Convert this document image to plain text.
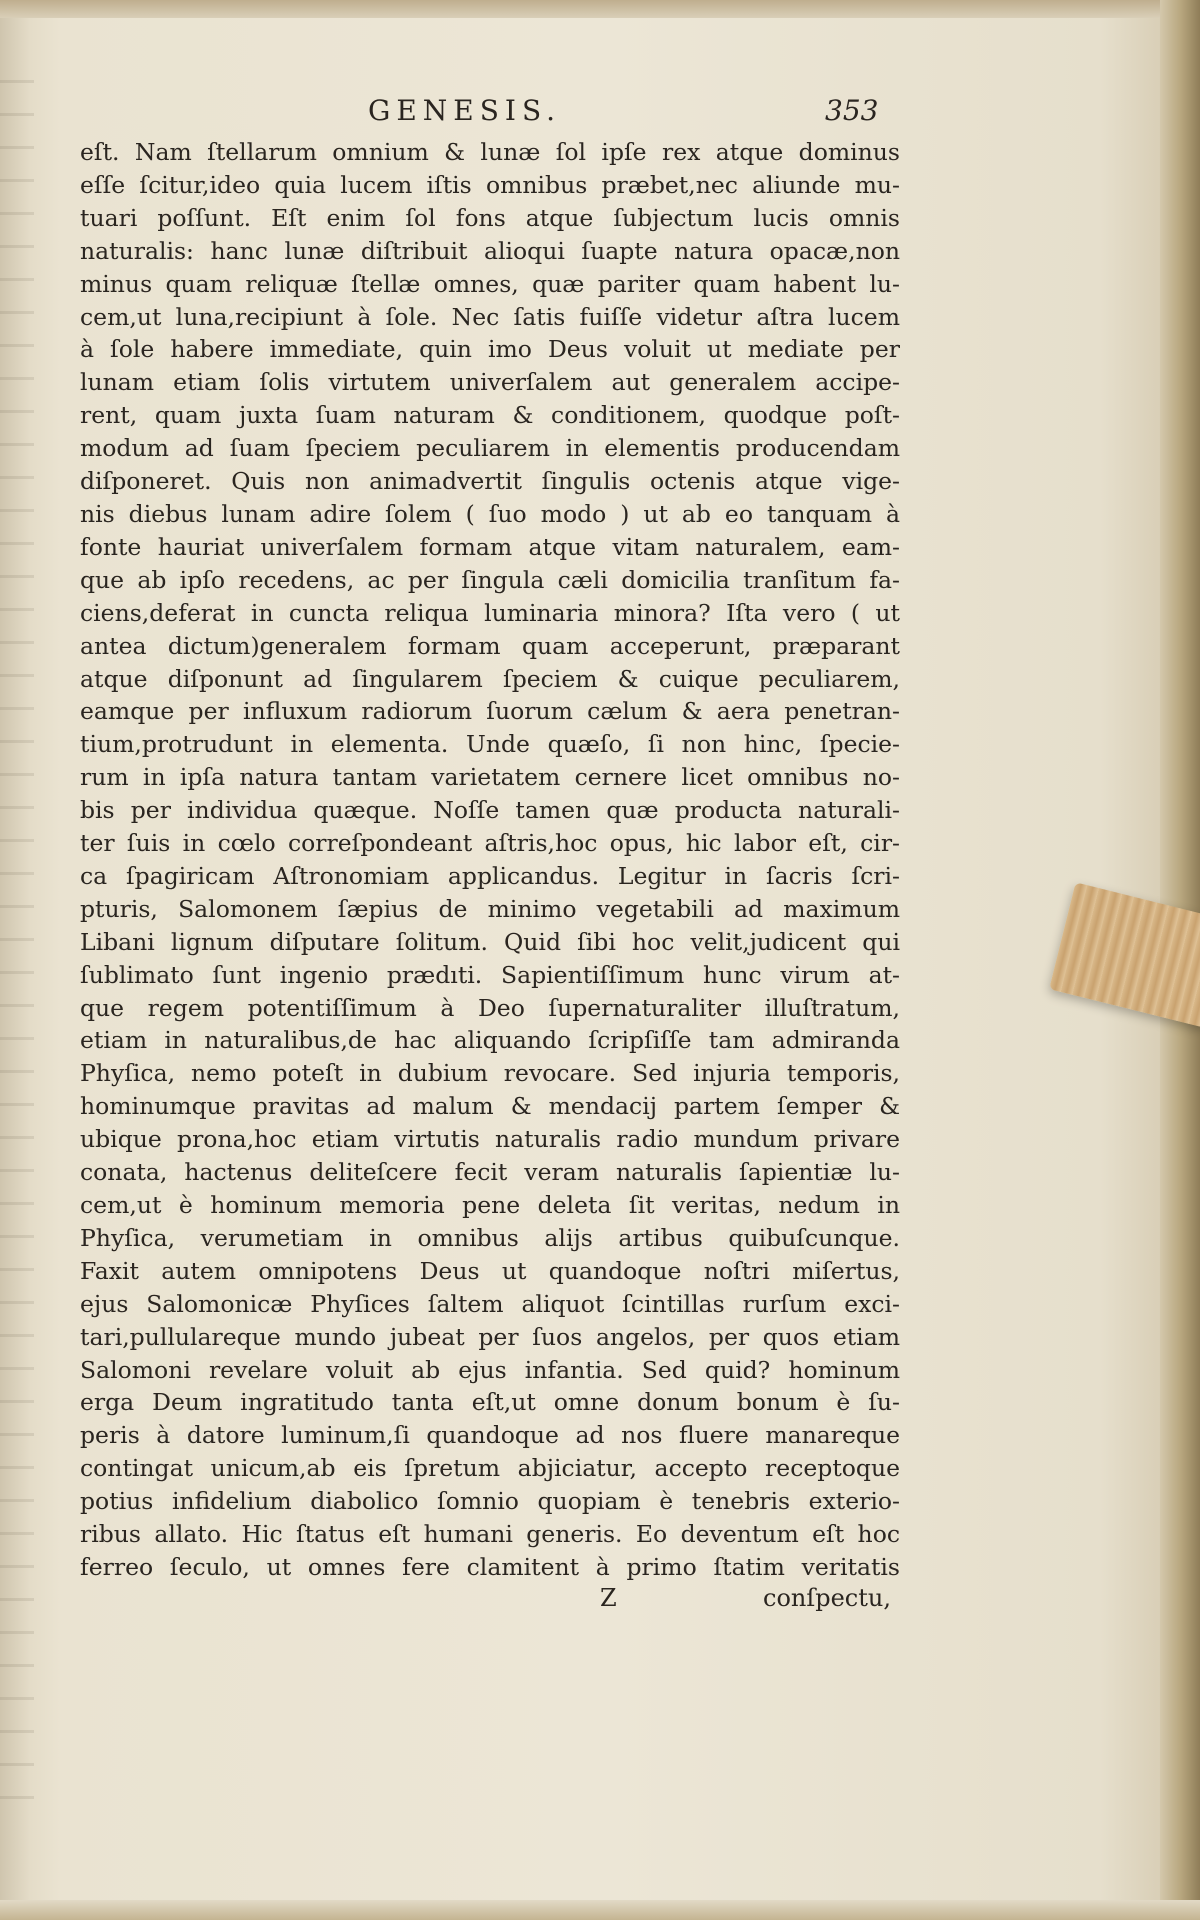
GENESIS.	353
eſt. Nam ſtellarum omnium & lunæ ſol ipſe rex atque dominus
eſſe ſcitur,ideo quia lucem iſtis omnibus præbet,nec aliunde mu-
tuari poſſunt. Eſt enim ſol fons atque ſubjectum lucis omnis
naturalis: hanc lunæ diſtribuit alioqui ſuapte natura opacæ,non
minus quam reliquæ ſtellæ omnes, quæ pariter quam habent lu-
cem,ut luna,recipiunt à ſole. Nec ſatis fuiſſe videtur aſtra lucem
à ſole habere immediate, quin imo Deus voluit ut mediate per
lunam etiam ſolis virtutem univerſalem aut generalem accipe-
rent, quam juxta ſuam naturam & conditionem, quodque poſt-
modum ad ſuam ſpeciem peculiarem in elementis producendam
diſponeret. Quis non animadvertit ſingulis octenis atque vige-
nis diebus lunam adire ſolem ( ſuo modo ) ut ab eo tanquam à
fonte hauriat univerſalem formam atque vitam naturalem, eam-
que ab ipſo recedens, ac per ſingula cæli domicilia tranſitum fa-
ciens,deferat in cuncta reliqua luminaria minora? Iſta vero ( ut
antea dictum)generalem formam quam acceperunt, præparant
atque diſponunt ad ſingularem ſpeciem & cuique peculiarem,
eamque per influxum radiorum ſuorum cælum & aera penetran-
tium,protrudunt in elementa. Unde quæſo, ſi non hinc, ſpecie-
rum in ipſa natura tantam varietatem cernere licet omnibus no-
bis per individua quæque. Noſſe tamen quæ producta naturali-
ter ſuis in cœlo correſpondeant aſtris,hoc opus, hic labor eſt, cir-
ca ſpagiricam Aſtronomiam applicandus. Legitur in ſacris ſcri-
pturis, Salomonem ſæpius de minimo vegetabili ad maximum
Libani lignum diſputare ſolitum. Quid ſibi hoc velit,judicent qui
ſublimato ſunt ingenio prædıti. Sapientiſſimum hunc virum at-
que regem potentiſſimum à Deo ſupernaturaliter illuſtratum,
etiam in naturalibus,de hac aliquando ſcripſiſſe tam admiranda
Phyſica, nemo poteſt in dubium revocare. Sed injuria temporis,
hominumque pravitas ad malum & mendacij partem ſemper &
ubique prona,hoc etiam virtutis naturalis radio mundum privare
conata, hactenus deliteſcere fecit veram naturalis ſapientiæ lu-
cem,ut è hominum memoria pene deleta ſit veritas, nedum in
Phyſica, verumetiam in omnibus alijs artibus quibuſcunque.
Faxit autem omnipotens Deus ut quandoque noſtri miſertus,
ejus Salomonicæ Phyſices ſaltem aliquot ſcintillas rurſum exci-
tari,pullulareque mundo jubeat per ſuos angelos, per quos etiam
Salomoni revelare voluit ab ejus infantia. Sed quid? hominum
erga Deum ingratitudo tanta eſt,ut omne donum bonum è ſu-
peris à datore luminum,ſi quandoque ad nos fluere manareque
contingat unicum,ab eis ſpretum abjiciatur, accepto receptoque
potius infidelium diabolico ſomnio quopiam è tenebris exterio-
ribus allato. Hic ſtatus eſt humani generis. Eo deventum eſt hoc
ferreo ſeculo, ut omnes fere clamitent à primo ſtatim veritatis
Z	conſpectu,
